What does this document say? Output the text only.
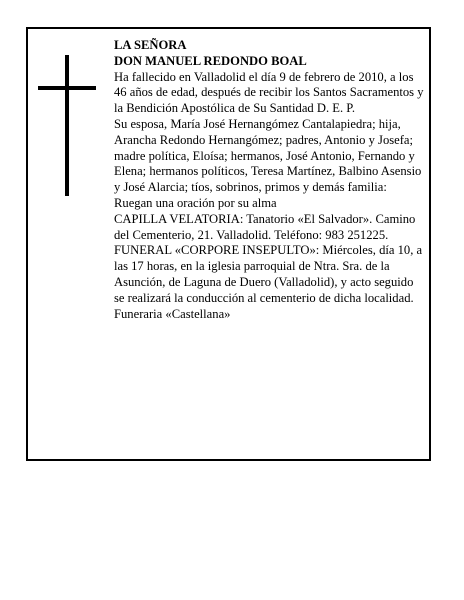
LA SEÑORA

DON MANUEL REDONDO BOAL

Ha fallecido en Valladolid el día 9 de febrero de 2010, a los 46 años de edad, después de recibir los Santos Sacramentos y la Bendición Apostólica de Su Santidad D. E. P.

Su esposa, María José Hernangómez Cantalapiedra; hija, Arancha Redondo Hernangómez; padres, Antonio y Josefa; madre política, Eloísa; hermanos, José Antonio, Fernando y Elena; hermanos políticos, Teresa Martínez, Balbino Asensio y José Alarcia; tíos, sobrinos, primos y demás familia:

Ruegan una oración por su alma

CAPILLA VELATORIA: Tanatorio «El Salvador». Camino del Cementerio, 21. Valladolid. Teléfono: 983 251225.

FUNERAL «CORPORE INSEPULTO»: Miércoles, día 10, a las 17 horas, en la iglesia parroquial de Ntra. Sra. de la Asunción, de Laguna de Duero (Valladolid), y acto seguido se realizará la conducción al cementerio de dicha localidad.

Funeraria «Castellana»
